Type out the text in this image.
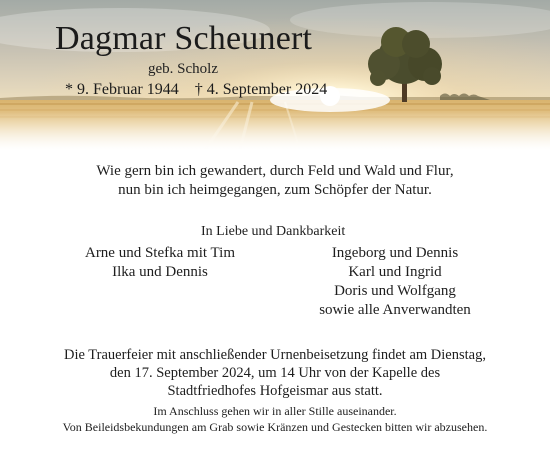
Dagmar Scheunert
geb. Scholz
* 9. Februar 1944 † 4. September 2024
Wie gern bin ich gewandert, durch Feld und Wald und Flur,
nun bin ich heimgegangen, zum Schöpfer der Natur.
In Liebe und Dankbarkeit
Arne und Stefka mit Tim
Ilka und Dennis
Ingeborg und Dennis
Karl und Ingrid
Doris und Wolfgang
sowie alle Anverwandten
Die Trauerfeier mit anschließender Urnenbeisetzung findet am Dienstag,
den 17. September 2024, um 14 Uhr von der Kapelle des
Stadtfriedhofes Hofgeismar aus statt.
Im Anschluss gehen wir in aller Stille auseinander.
Von Beileidsbekundungen am Grab sowie Kränzen und Gestecken bitten wir abzusehen.
